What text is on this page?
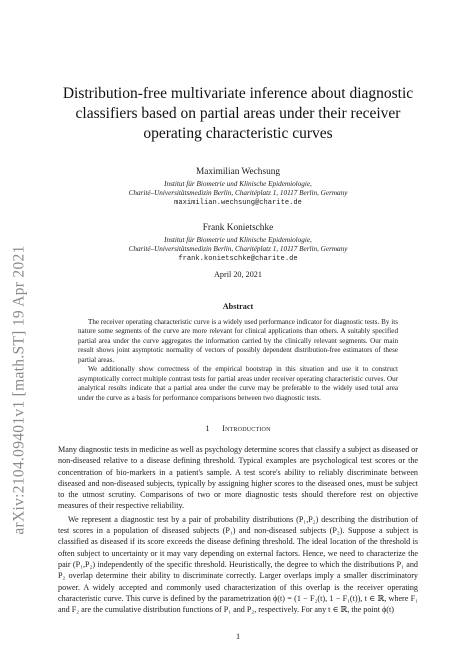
arXiv:2104.09401v1 [math.ST] 19 Apr 2021
Distribution-free multivariate inference about diagnostic
classifiers based on partial areas under their receiver
operating characteristic curves
Maximilian Wechsung
Institut für Biometrie und Klinische Epidemiologie,
Charité–Universitätsmedizin Berlin, Charitéplatz 1, 10117 Berlin, Germany
maximilian.wechsung@charite.de
Frank Konietschke
Institut für Biometrie und Klinische Epidemiologie,
Charité–Universitätsmedizin Berlin, Charitéplatz 1, 10117 Berlin, Germany
frank.konietschke@charite.de
April 20, 2021
Abstract

The receiver operating characteristic curve is a widely used performance indicator for diagnostic tests. By its nature some segments of the curve are more relevant for clinical applications than others. A suitably specified partial area under the curve aggregates the information carried by the clinically relevant segments. Our main result shows joint asymptotic normality of vectors of possibly dependent distribution-free estimators of these partial areas.

We additionally show correctness of the empirical bootstrap in this situation and use it to construct asymptotically correct multiple contrast tests for partial areas under receiver operating characteristic curves. Our analytical results indicate that a partial area under the curve may be preferable to the widely used total area under the curve as a basis for performance comparisons between two diagnostic tests.

1 Introduction

Many diagnostic tests in medicine as well as psychology determine scores that classify a subject as diseased or non-diseased relative to a disease defining threshold. Typical examples are psychological test scores or the concentration of bio-markers in a patient's sample. A test score's ability to reliably discriminate between diseased and non-diseased subjects, typically by assigning higher scores to the diseased ones, must be subject to the utmost scrutiny. Comparisons of two or more diagnostic tests should therefore rest on objective measures of their respective reliability.

We represent a diagnostic test by a pair of probability distributions (P₁,P₂) describing the distribution of test scores in a population of diseased subjects (P₁) and non-diseased subjects (P₂). Suppose a subject is classified as diseased if its score exceeds the disease defining threshold. The ideal location of the threshold is often subject to uncertainty or it may vary depending on external factors. Hence, we need to characterize the pair (P₁,P₂) independently of the specific threshold. Heuristically, the degree to which the distributions P₁ and P₂ overlap determine their ability to discriminate correctly. Larger overlaps imply a smaller discriminatory power. A widely accepted and commonly used characterization of this overlap is the receiver operating characteristic curve. This curve is defined by the parametrization ϕ(t) = (1 − F₂(t), 1 − F₁(t)), t ∈ ℝ, where F₁ and F₂ are the cumulative distribution functions of P₁ and P₂, respectively. For any t ∈ ℝ, the point ϕ(t)

1
